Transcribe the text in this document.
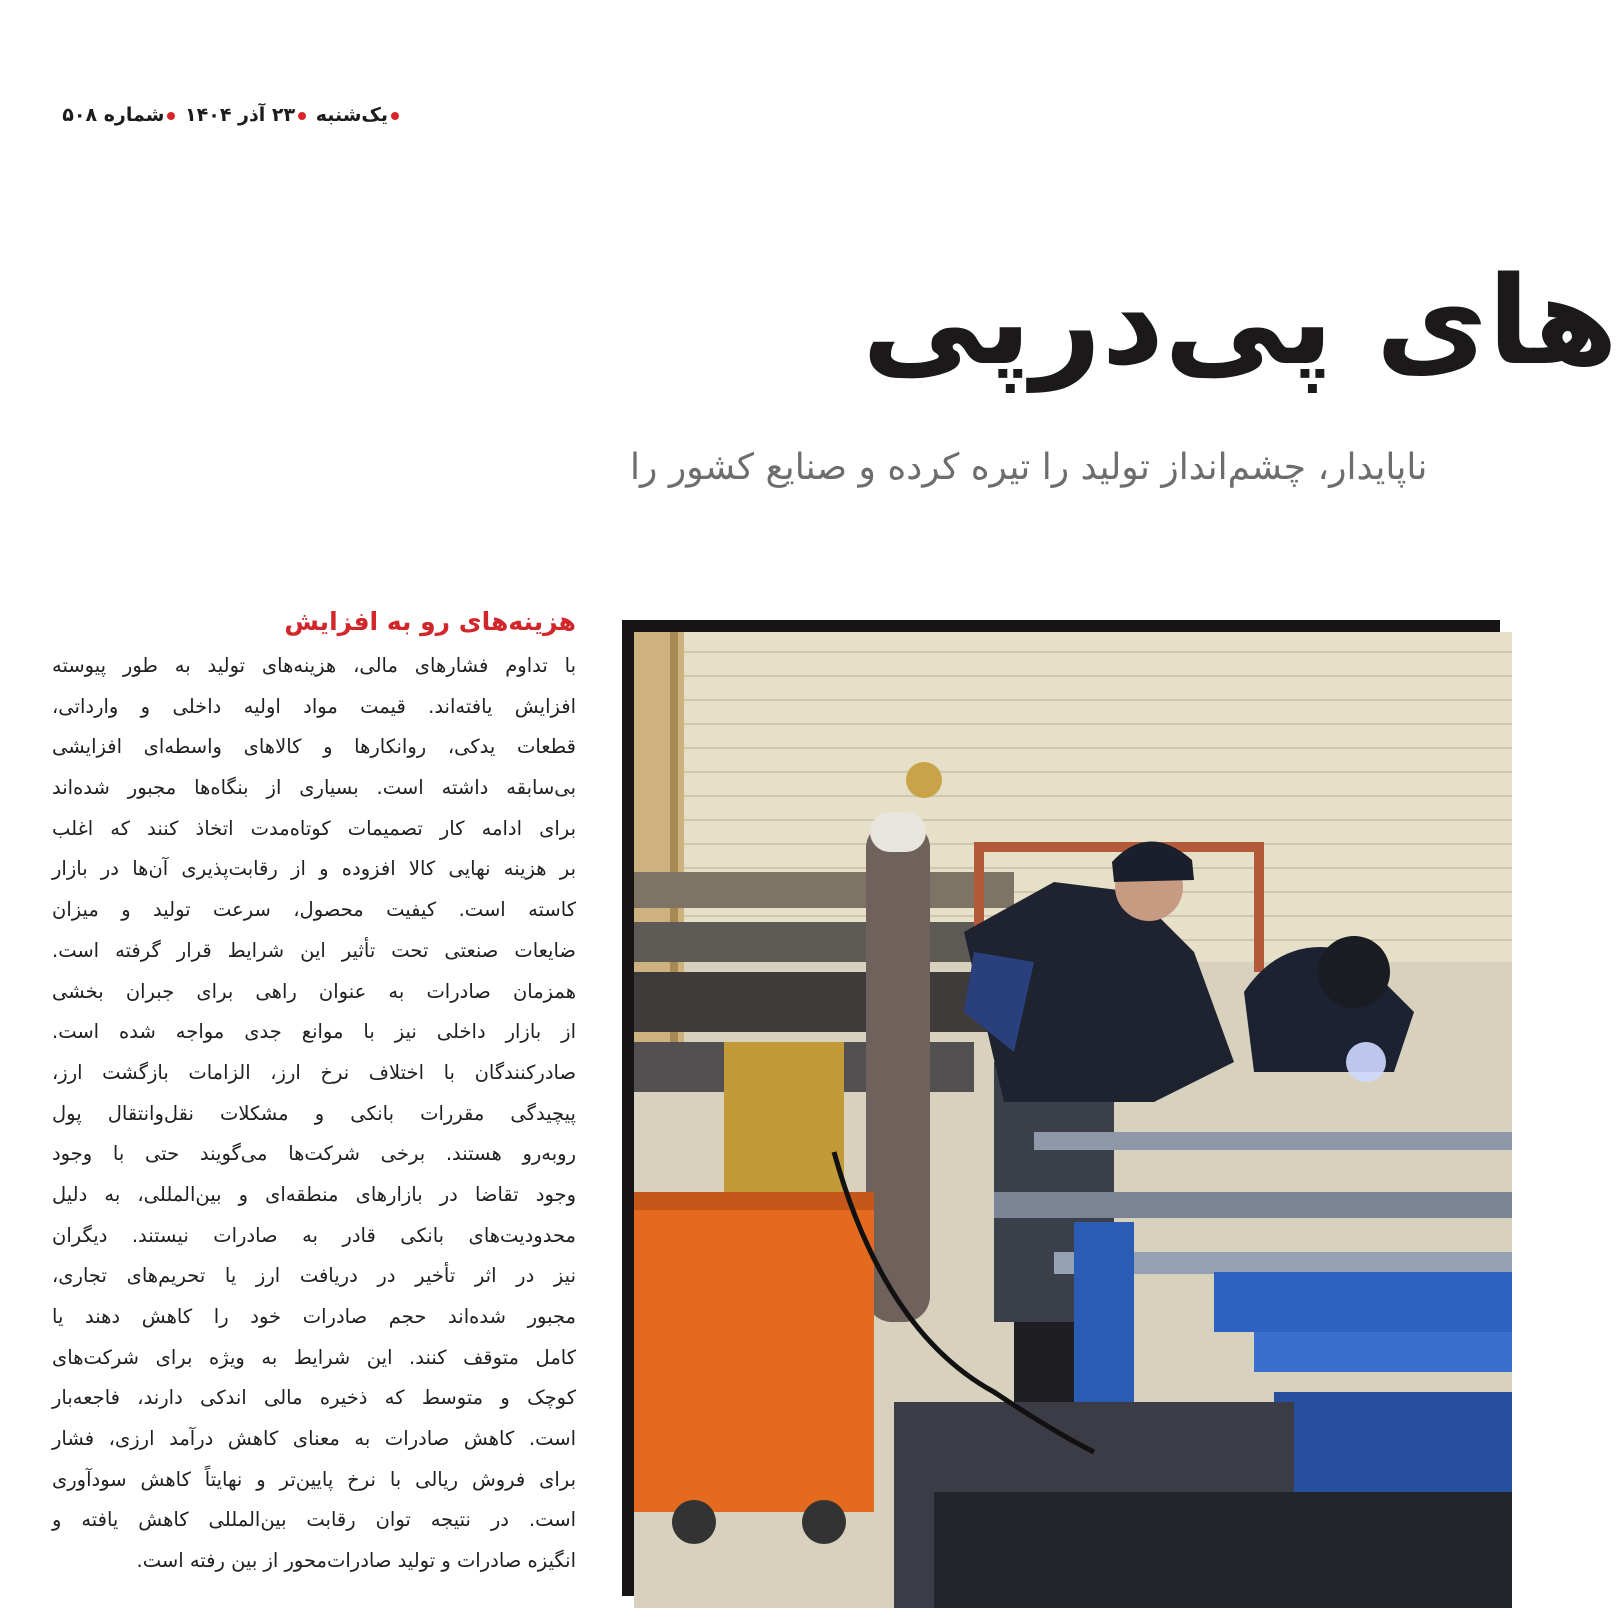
یک‌شنبه ۲۳ آذر ۱۴۰۴ شماره ۵۰۸
های پی‌درپی
ناپایدار، چشم‌انداز تولید را تیره کرده و صنایع کشور را
هزینه‌های رو به افزایش
با تداوم فشارهای مالی، هزینه‌های تولید به طور پیوسته
افزایش یافته‌اند. قیمت مواد اولیه داخلی و وارداتی،
قطعات یدکی، روانکارها و کالاهای واسطه‌ای افزایشی
بی‌سابقه داشته است. بسیاری از بنگاه‌ها مجبور شده‌اند
برای ادامه کار تصمیمات کوتاه‌مدت اتخاذ کنند که اغلب
بر هزینه نهایی کالا افزوده و از رقابت‌پذیری آن‌ها در بازار
کاسته است. کیفیت محصول، سرعت تولید و میزان
ضایعات صنعتی تحت تأثیر این شرایط قرار گرفته است.
همزمان صادرات به عنوان راهی برای جبران بخشی
از بازار داخلی نیز با موانع جدی مواجه شده است.
صادرکنندگان با اختلاف نرخ ارز، الزامات بازگشت ارز،
پیچیدگی مقررات بانکی و مشکلات نقل‌وانتقال پول
روبه‌رو هستند. برخی شرکت‌ها می‌گویند حتی با وجود
وجود تقاضا در بازارهای منطقه‌ای و بین‌المللی، به دلیل
محدودیت‌های بانکی قادر به صادرات نیستند. دیگران
نیز در اثر تأخیر در دریافت ارز یا تحریم‌های تجاری،
مجبور شده‌اند حجم صادرات خود را کاهش دهند یا
کامل متوقف کنند. این شرایط به ویژه برای شرکت‌های
کوچک و متوسط که ذخیره مالی اندکی دارند، فاجعه‌بار
است. کاهش صادرات به معنای کاهش درآمد ارزی، فشار
برای فروش ریالی با نرخ پایین‌تر و نهایتاً کاهش سودآوری
است. در نتیجه توان رقابت بین‌المللی کاهش یافته و
انگیزه صادرات و تولید صادرات‌محور از بین رفته است.
